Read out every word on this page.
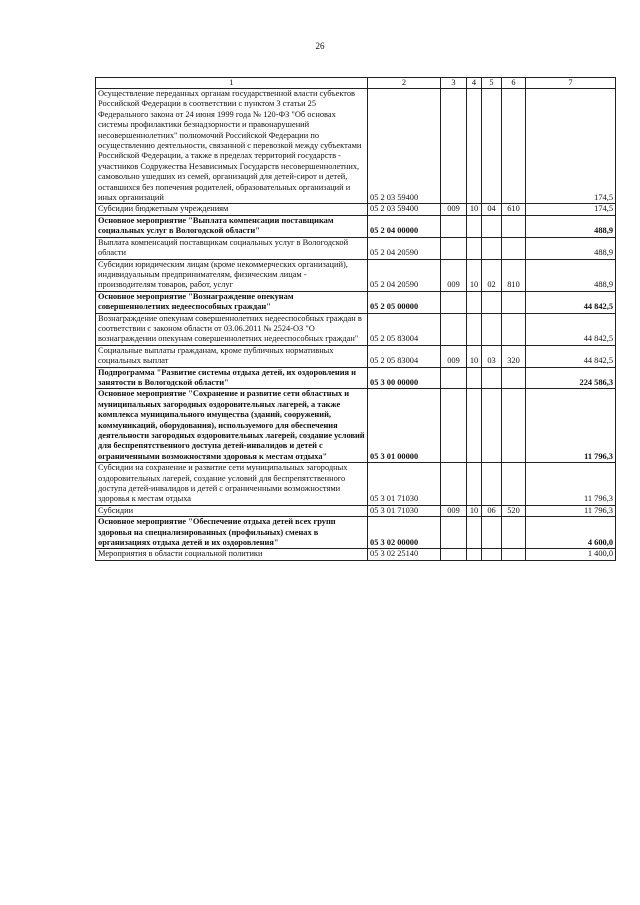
26
1	2	3	4	5	6	7
Осуществление переданных органам государственной власти субъектов Российской Федерации в соответствии с пунктом 3 статьи 25 Федерального закона от 24 июня 1999 года № 120-ФЗ "Об основах системы профилактики безнадзорности и правонарушений несовершеннолетних" полномочий Российской Федерации по осуществлению деятельности, связанной с перевозкой между субъектами Российской Федерации, а также в пределах территорий государств - участников Содружества Независимых Государств несовершеннолетних, самовольно ушедших из семей, организаций для детей-сирот и детей, оставшихся без попечения родителей, образовательных организаций и иных организаций	05 2 03 59400					174,5
Субсидии бюджетным учреждениям	05 2 03 59400	009	10	04	610	174,5
Основное мероприятие "Выплата компенсации поставщикам социальных услуг в Вологодской области"	05 2 04 00000					488,9
Выплата компенсаций поставщикам социальных услуг в Вологодской области	05 2 04 20590					488,9
Субсидии юридическим лицам (кроме некоммерческих организаций), индивидуальным предпринимателям, физическим лицам - производителям товаров, работ, услуг	05 2 04 20590	009	10	02	810	488,9
Основное мероприятие "Вознаграждение опекунам совершеннолетних недееспособных граждан"	05 2 05 00000					44 842,5
Вознаграждение опекунам совершеннолетних недееспособных граждан в соответствии с законом области от 03.06.2011 № 2524-ОЗ "О вознаграждении опекунам совершеннолетних недееспособных граждан"	05 2 05 83004					44 842,5
Социальные выплаты гражданам, кроме публичных нормативных социальных выплат	05 2 05 83004	009	10	03	320	44 842,5
Подпрограмма "Развитие системы отдыха детей, их оздоровления и занятости в Вологодской области"	05 3 00 00000					224 586,3
Основное мероприятие "Сохранение и развитие сети областных и муниципальных загородных оздоровительных лагерей, а также комплекса муниципального имущества (зданий, сооружений, коммуникаций, оборудования), используемого для обеспечения деятельности загородных оздоровительных лагерей, создание условий для беспрепятственного доступа детей-инвалидов и детей с ограниченными возможностями здоровья к местам отдыха"	05 3 01 00000					11 796,3
Субсидии на сохранение и развитие сети муниципальных загородных оздоровительных лагерей, создание условий для беспрепятственного доступа детей-инвалидов и детей с ограниченными возможностями здоровья к местам отдыха	05 3 01 71030					11 796,3
Субсидии	05 3 01 71030	009	10	06	520	11 796,3
Основное мероприятие "Обеспечение отдыха детей всех групп здоровья на специализированных (профильных) сменах в организациях отдыха детей и их оздоровления"	05 3 02 00000					4 600,0
Мероприятия в области социальной политики	05 3 02 25140					1 400,0
